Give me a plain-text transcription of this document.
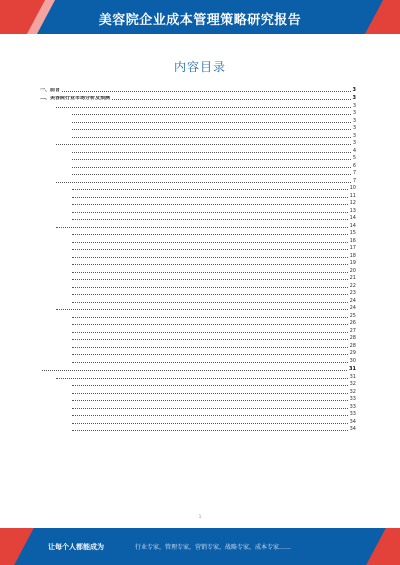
美容院企业成本管理策略研究报告
内容目录
一、前言	3
二、美容院行业市场分析及预测	3
3
3
3
3
3
3
4
5
6
7
7
10
11
12
13
14
14
15
16
17
18
19
20
21
22
23
24
24
25
26
27
28
28
29
30
31
31
32
32
33
33
33
34
34
1
让每个人都能成为	行业专家，管理专家，营销专家，战略专家，成本专家……
